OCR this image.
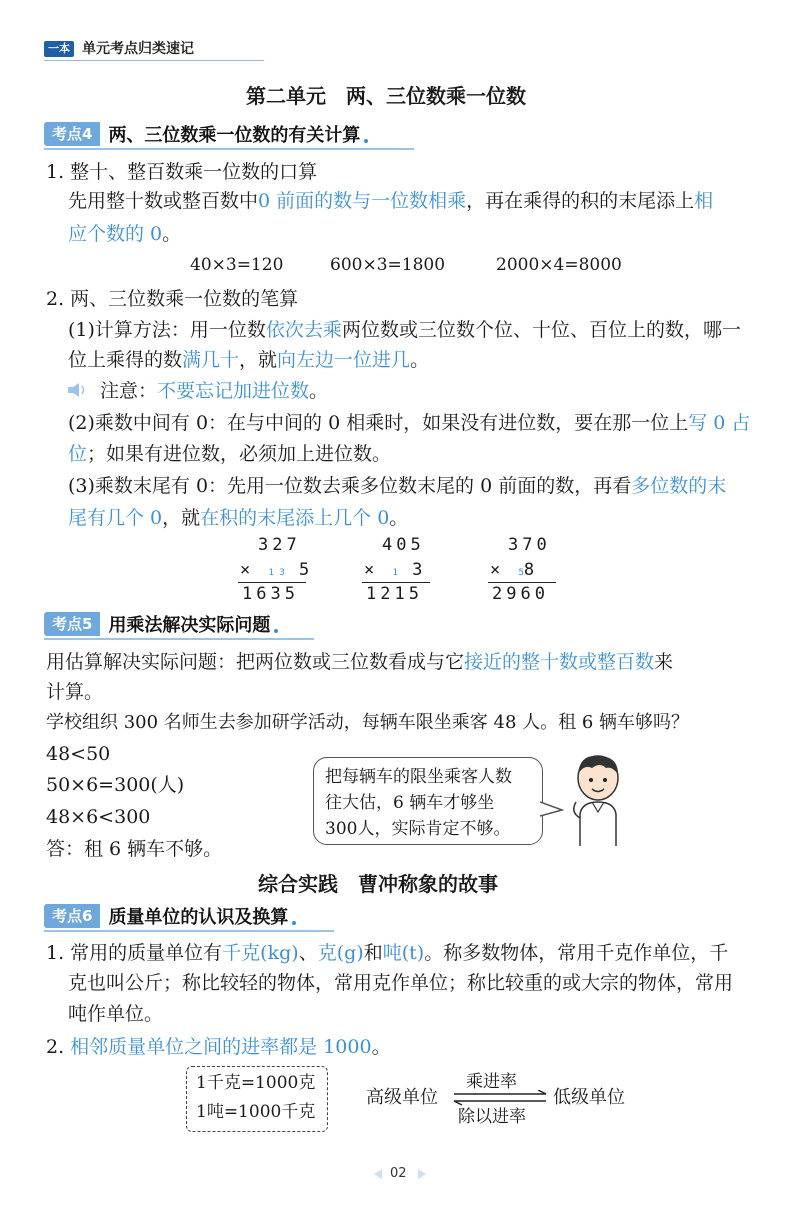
一本 单元考点归类速记
第二单元　两、三位数乘一位数
考点4 两、三位数乘一位数的有关计算
1. 整十、整百数乘一位数的口算
先用整十数或整百数中0 前面的数与一位数相乘，再在乘得的积的末尾添上相
应个数的 0。
40×3=120	600×3=1800	2000×4=8000
2. 两、三位数乘一位数的笔算
(1)计算方法：用一位数依次去乘两位数或三位数个位、十位、百位上的数，哪一
位上乘得的数满几十，就向左边一位进几。
注意：不要忘记加进位数。
(2)乘数中间有 0：在与中间的 0 相乘时，如果没有进位数，要在那一位上写 0 占
位；如果有进位数，必须加上进位数。
(3)乘数末尾有 0：先用一位数去乘多位数末尾的 0 前面的数，再看多位数的末
尾有几个 0，就在积的末尾添上几个 0。
327
× 1 3 5
1635
405
× 1 3
1215
370
× 58
2960
考点5 用乘法解决实际问题
用估算解决实际问题：把两位数或三位数看成与它接近的整十数或整百数来
计算。
学校组织 300 名师生去参加研学活动，每辆车限坐乘客 48 人。租 6 辆车够吗？
48<50
50×6=300(人)
48×6<300
答：租 6 辆车不够。
把每辆车的限坐乘客人数
往大估，6 辆车才够坐
300人，实际肯定不够。
综合实践　曹冲称象的故事
考点6 质量单位的认识及换算
1. 常用的质量单位有千克(kg)、克(g)和吨(t)。称多数物体，常用千克作单位，千
克也叫公斤；称比较轻的物体，常用克作单位；称比较重的或大宗的物体，常用
吨作单位。
2. 相邻质量单位之间的进率都是 1000。
1千克=1000克
1吨=1000千克
高级单位
乘进率
除以进率
低级单位
02
